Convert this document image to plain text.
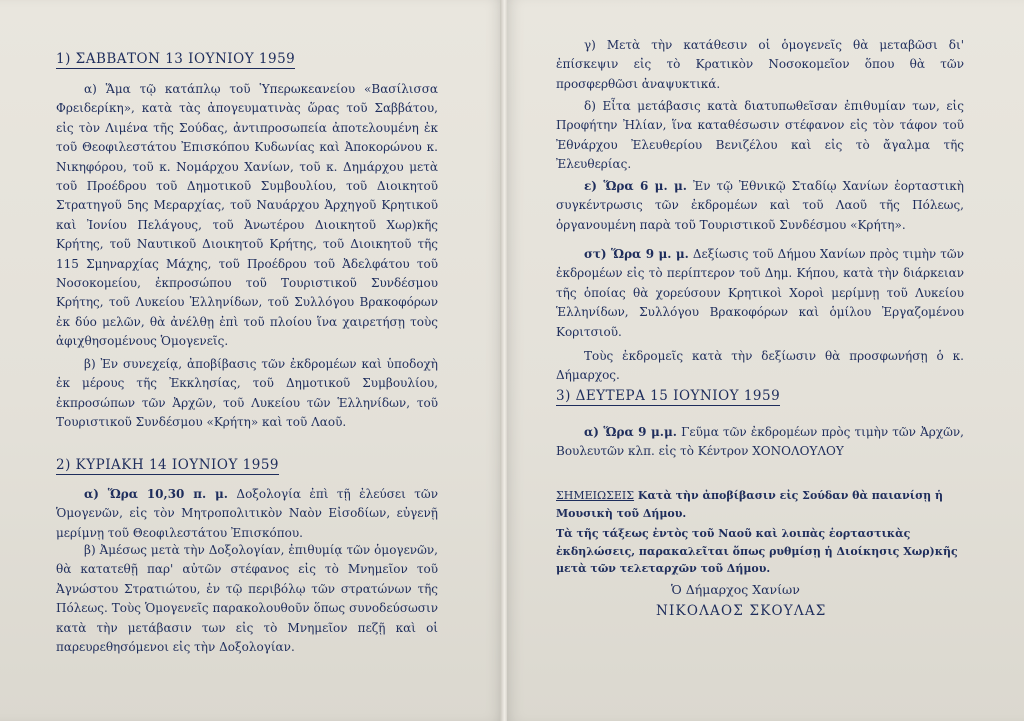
1) ΣΑΒΒΑΤΟΝ 13 ΙΟΥΝΙΟΥ 1959

α) Ἅμα τῷ κατάπλῳ τοῦ Ὑπερωκεανείου «Βασίλισσα Φρειδερίκη», κατὰ τὰς ἀπογευματινὰς ὥρας τοῦ Σαββάτου, εἰς τὸν Λιμένα τῆς Σούδας, ἀντιπροσωπεία ἀποτελουμένη ἐκ τοῦ Θεοφιλεστάτου Ἐπισκόπου Κυδωνίας καὶ Ἀποκορώνου κ. Νικηφόρου, τοῦ κ. Νομάρχου Χανίων, τοῦ κ. Δημάρχου μετὰ τοῦ Προέδρου τοῦ Δημοτικοῦ Συμβουλίου, τοῦ Διοικητοῦ Στρατηγοῦ 5ης Μεραρχίας, τοῦ Ναυάρχου Ἀρχηγοῦ Κρητικοῦ καὶ Ἰονίου Πελάγους, τοῦ Ἀνωτέρου Διοικητοῦ Χωρ)κῆς Κρήτης, τοῦ Ναυτικοῦ Διοικητοῦ Κρήτης, τοῦ Διοικητοῦ τῆς 115 Σμηναρχίας Μάχης, τοῦ Προέδρου τοῦ Ἀδελφάτου τοῦ Νοσοκομείου, ἐκπροσώπου τοῦ Τουριστικοῦ Συνδέσμου Κρήτης, τοῦ Λυκείου Ἑλληνίδων, τοῦ Συλλόγου Βρακοφόρων ἐκ δύο μελῶν, θὰ ἀνέλθῃ ἐπὶ τοῦ πλοίου ἵνα χαιρετήσῃ τοὺς ἀφιχθησομένους Ὁμογενεῖς.

β) Ἐν συνεχείᾳ, ἀποβίβασις τῶν ἐκδρομέων καὶ ὑποδοχὴ ἐκ μέρους τῆς Ἐκκλησίας, τοῦ Δημοτικοῦ Συμβουλίου, ἐκπροσώπων τῶν Ἀρχῶν, τοῦ Λυκείου τῶν Ἑλληνίδων, τοῦ Τουριστικοῦ Συνδέσμου «Κρήτη» καὶ τοῦ Λαοῦ.

2) ΚΥΡΙΑΚΗ 14 ΙΟΥΝΙΟΥ 1959

α) Ὥρα 10,30 π. μ. Δοξολογία ἐπὶ τῇ ἐλεύσει τῶν Ὁμογενῶν, εἰς τὸν Μητροπολιτικὸν Ναὸν Εἰσοδίων, εὐγενῇ μερίμνῃ τοῦ Θεοφιλεστάτου Ἐπισκόπου.

β) Ἀμέσως μετὰ τὴν Δοξολογίαν, ἐπιθυμίᾳ τῶν ὁμογενῶν, θὰ κατατεθῇ παρ' αὐτῶν στέφανος εἰς τὸ Μνημεῖον τοῦ Ἀγνώστου Στρατιώτου, ἐν τῷ περιβόλῳ τῶν στρατώνων τῆς Πόλεως. Τοὺς Ὁμογενεῖς παρακολουθοῦν ὅπως συνοδεύσωσιν κατὰ τὴν μετάβασιν των εἰς τὸ Μνημεῖον πεζῇ καὶ οἱ παρευρεθησόμενοι εἰς τὴν Δοξολογίαν.

γ) Μετὰ τὴν κατάθεσιν οἱ ὁμογενεῖς θὰ μεταβῶσι δι' ἐπίσκεψιν εἰς τὸ Κρατικὸν Νοσοκομεῖον ὅπου θὰ τῶν προσφερθῶσι ἀναψυκτικά.

δ) Εἶτα μετάβασις κατὰ διατυπωθεῖσαν ἐπιθυμίαν των, εἰς Προφήτην Ἠλίαν, ἵνα καταθέσωσιν στέφανον εἰς τὸν τάφον τοῦ Ἐθνάρχου Ἐλευθερίου Βενιζέλου καὶ εἰς τὸ ἄγαλμα τῆς Ἐλευθερίας.

ε) Ὥρα 6 μ. μ. Ἐν τῷ Ἐθνικῷ Σταδίῳ Χανίων ἑορταστικὴ συγκέντρωσις τῶν ἐκδρομέων καὶ τοῦ Λαοῦ τῆς Πόλεως, ὀργανουμένη παρὰ τοῦ Τουριστικοῦ Συνδέσμου «Κρήτη».

στ) Ὥρα 9 μ. μ. Δεξίωσις τοῦ Δήμου Χανίων πρὸς τιμὴν τῶν ἐκδρομέων εἰς τὸ περίπτερον τοῦ Δημ. Κήπου, κατὰ τὴν διάρκειαν τῆς ὁποίας θὰ χορεύσουν Κρητικοὶ Χοροὶ μερίμνῃ τοῦ Λυκείου Ἑλληνίδων, Συλλόγου Βρακοφόρων καὶ ὁμίλου Ἐργαζομένου Κοριτσιοῦ.

Τοὺς ἐκδρομεῖς κατὰ τὴν δεξίωσιν θὰ προσφωνήσῃ ὁ κ. Δήμαρχος.

3) ΔΕΥΤΕΡΑ 15 ΙΟΥΝΙΟΥ 1959

α) Ὥρα 9 μ.μ. Γεῦμα τῶν ἐκδρομέων πρὸς τιμὴν τῶν Ἀρχῶν, Βουλευτῶν κλπ. εἰς τὸ Κέντρον ΧΟΝΟΛΟΥΛΟΥ

ΣΗΜΕΙΩΣΕΙΣ Κατὰ τὴν ἀποβίβασιν εἰς Σούδαν θὰ παιανίσῃ ἡ Μουσικὴ τοῦ Δήμου.

Τὰ τῆς τάξεως ἐντὸς τοῦ Ναοῦ καὶ λοιπὰς ἑορταστικὰς ἐκδηλώσεις, παρακαλεῖται ὅπως ρυθμίσῃ ἡ Διοίκησις Χωρ)κῆς μετὰ τῶν τελεταρχῶν τοῦ Δήμου.

Ὁ Δήμαρχος Χανίων
ΝΙΚΟΛΑΟΣ ΣΚΟΥΛΑΣ
